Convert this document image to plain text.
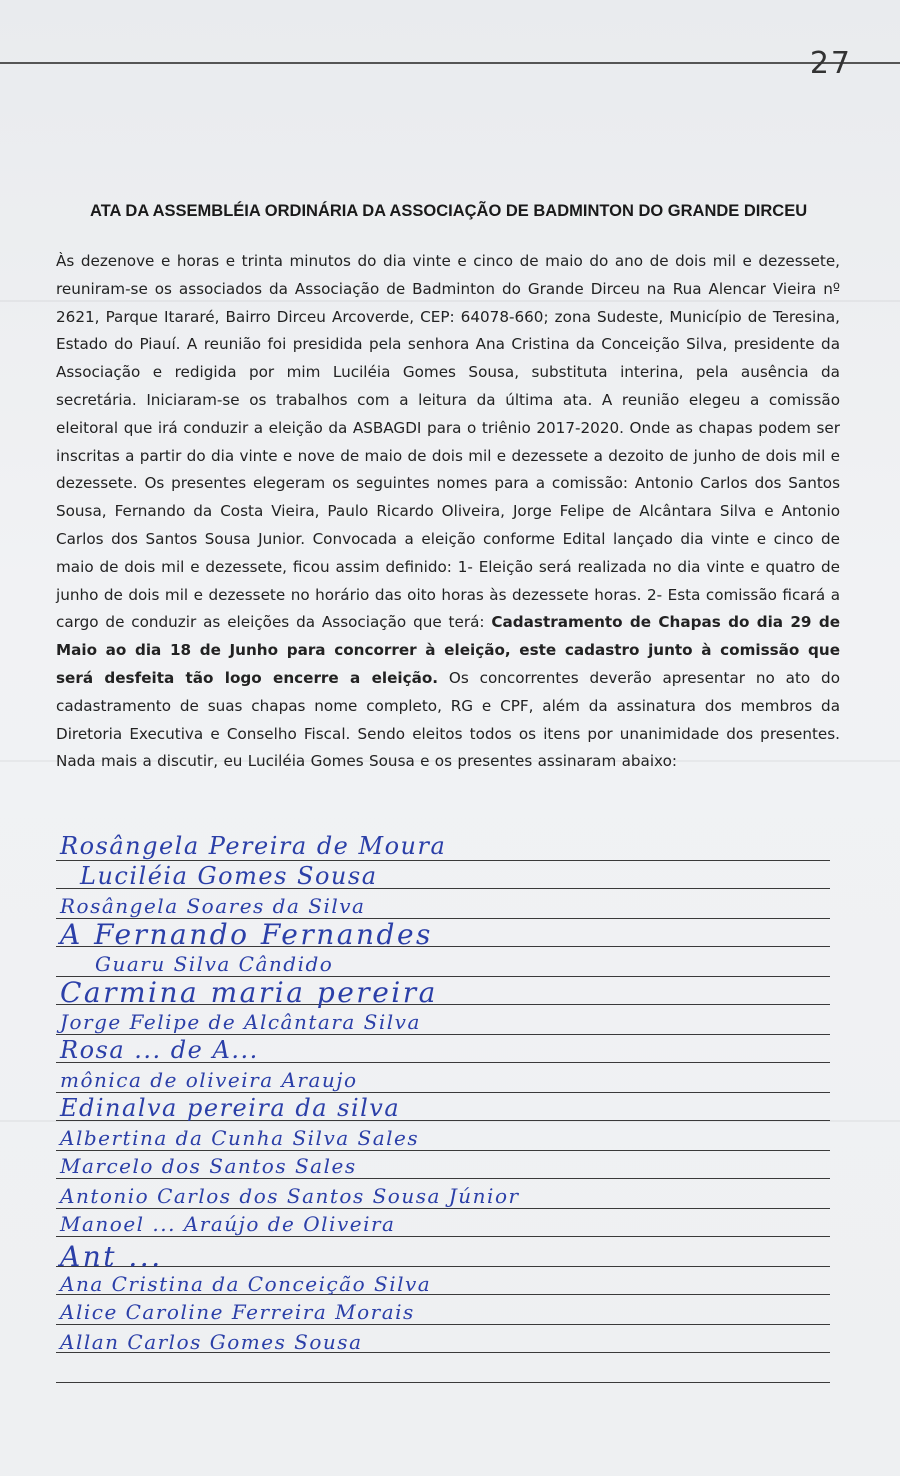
27
ATA DA ASSEMBLÉIA ORDINÁRIA DA ASSOCIAÇÃO DE BADMINTON DO GRANDE DIRCEU
Às dezenove e horas e trinta minutos do dia vinte e cinco de maio do ano de dois mil e dezessete, reuniram-se os associados da Associação de Badminton do Grande Dirceu na Rua Alencar Vieira nº 2621, Parque Itararé, Bairro Dirceu Arcoverde, CEP: 64078-660; zona Sudeste, Município de Teresina, Estado do Piauí. A reunião foi presidida pela senhora Ana Cristina da Conceição Silva, presidente da Associação e redigida por mim Luciléia Gomes Sousa, substituta interina, pela ausência da secretária. Iniciaram-se os trabalhos com a leitura da última ata. A reunião elegeu a comissão eleitoral que irá conduzir a eleição da ASBAGDI para o triênio 2017-2020. Onde as chapas podem ser inscritas a partir do dia vinte e nove de maio de dois mil e dezessete a dezoito de junho de dois mil e dezessete. Os presentes elegeram os seguintes nomes para a comissão: Antonio Carlos dos Santos Sousa, Fernando da Costa Vieira, Paulo Ricardo Oliveira, Jorge Felipe de Alcântara Silva e Antonio Carlos dos Santos Sousa Junior. Convocada a eleição conforme Edital lançado dia vinte e cinco de maio de dois mil e dezessete, ficou assim definido: 1- Eleição será realizada no dia vinte e quatro de junho de dois mil e dezessete no horário das oito horas às dezessete horas. 2- Esta comissão ficará a cargo de conduzir as eleições da Associação que terá: Cadastramento de Chapas do dia 29 de Maio ao dia 18 de Junho para concorrer à eleição, este cadastro junto à comissão que será desfeita tão logo encerre a eleição. Os concorrentes deverão apresentar no ato do cadastramento de suas chapas nome completo, RG e CPF, além da assinatura dos membros da Diretoria Executiva e Conselho Fiscal. Sendo eleitos todos os itens por unanimidade dos presentes. Nada mais a discutir, eu Luciléia Gomes Sousa e os presentes assinaram abaixo:
Rosângela Pereira de Moura
Luciléia Gomes Sousa
Rosângela Soares da Silva
A Fernando Fernandes
Guaru Silva Cândido
Carmina maria pereira
Jorge Felipe de Alcântara Silva
Rosa ... de A...
mônica de oliveira Araujo
Edinalva pereira da silva
Albertina da Cunha Silva Sales
Marcelo dos Santos Sales
Antonio Carlos dos Santos Sousa Júnior
Manoel ... Araújo de Oliveira
Ant ...
Ana Cristina da Conceição Silva
Alice Caroline Ferreira Morais
Allan Carlos Gomes Sousa
